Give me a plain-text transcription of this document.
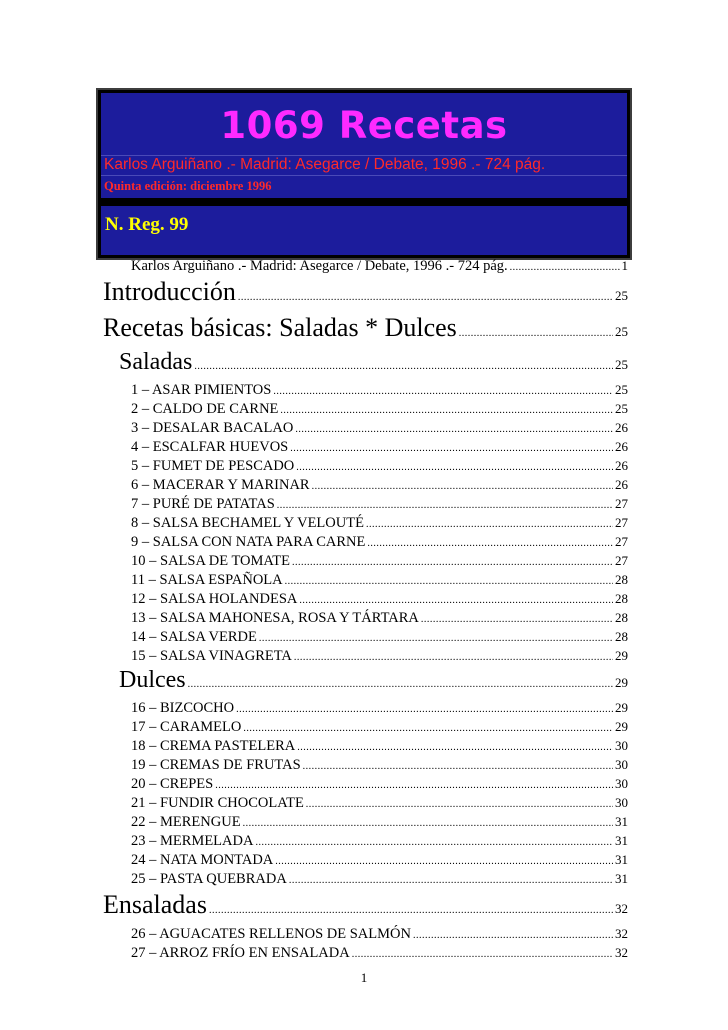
1069 Recetas
Karlos Arguiñano .- Madrid: Asegarce / Debate, 1996 .- 724 pág.
Quinta edición: diciembre 1996
N. Reg. 99
Karlos Arguiñano .- Madrid: Asegarce / Debate, 1996 .- 724 pág. .....	1
Introducción .....	25
Recetas básicas: Saladas * Dulces .....	25
Saladas .....	25
1 – ASAR PIMIENTOS .....	25
2 – CALDO DE CARNE .....	25
3 – DESALAR BACALAO .....	26
4 – ESCALFAR HUEVOS .....	26
5 – FUMET DE PESCADO .....	26
6 – MACERAR Y MARINAR .....	26
7 – PURÉ DE PATATAS .....	27
8 – SALSA BECHAMEL Y VELOUTÉ .....	27
9 – SALSA CON NATA PARA CARNE .....	27
10 – SALSA DE TOMATE .....	27
11 – SALSA ESPAÑOLA .....	28
12 – SALSA HOLANDESA .....	28
13 – SALSA MAHONESA, ROSA Y TÁRTARA .....	28
14 – SALSA VERDE .....	28
15 – SALSA VINAGRETA .....	29
Dulces .....	29
16 – BIZCOCHO .....	29
17 – CARAMELO .....	29
18 – CREMA PASTELERA .....	30
19 – CREMAS DE FRUTAS .....	30
20 – CREPES .....	30
21 – FUNDIR CHOCOLATE .....	30
22 – MERENGUE .....	31
23 – MERMELADA .....	31
24 – NATA MONTADA .....	31
25 – PASTA QUEBRADA .....	31
Ensaladas .....	32
26 – AGUACATES RELLENOS DE SALMÓN .....	32
27 – ARROZ FRÍO EN ENSALADA .....	32
1
